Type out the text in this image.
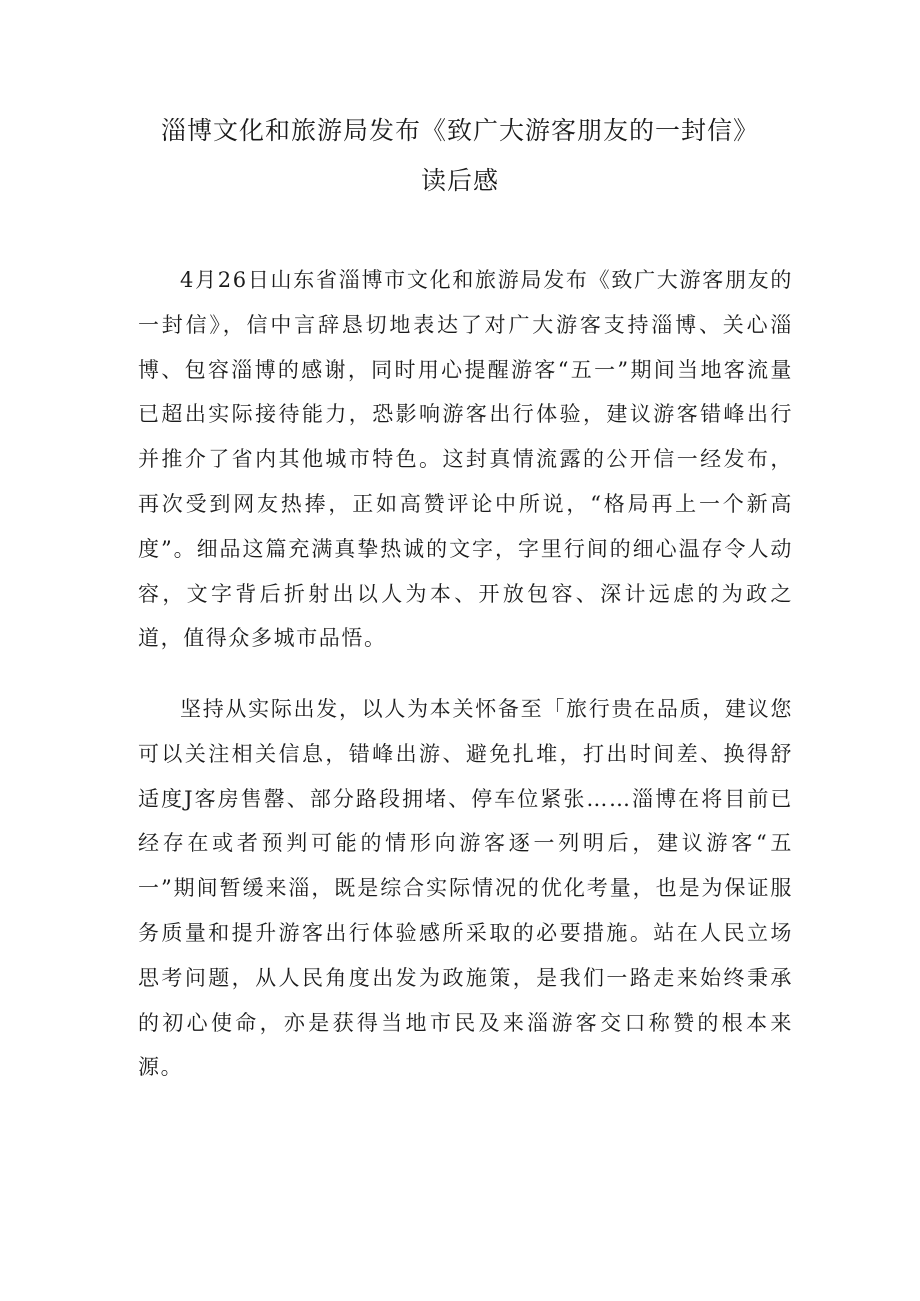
淄博文化和旅游局发布《致广大游客朋友的一封信》
读后感

4月26日山东省淄博市文化和旅游局发布《致广大游客朋友的一封信》，信中言辞恳切地表达了对广大游客支持淄博、关心淄博、包容淄博的感谢，同时用心提醒游客“五一”期间当地客流量已超出实际接待能力，恐影响游客出行体验，建议游客错峰出行并推介了省内其他城市特色。这封真情流露的公开信一经发布，再次受到网友热捧，正如高赞评论中所说，“格局再上一个新高度”。细品这篇充满真挚热诚的文字，字里行间的细心温存令人动容，文字背后折射出以人为本、开放包容、深计远虑的为政之道，值得众多城市品悟。

坚持从实际出发，以人为本关怀备至「旅行贵在品质，建议您可以关注相关信息，错峰出游、避免扎堆，打出时间差、换得舒适度J客房售罄、部分路段拥堵、停车位紧张……淄博在将目前已经存在或者预判可能的情形向游客逐一列明后，建议游客“五一”期间暂缓来淄，既是综合实际情况的优化考量，也是为保证服务质量和提升游客出行体验感所采取的必要措施。站在人民立场思考问题，从人民角度出发为政施策，是我们一路走来始终秉承的初心使命，亦是获得当地市民及来淄游客交口称赞的根本来源。
